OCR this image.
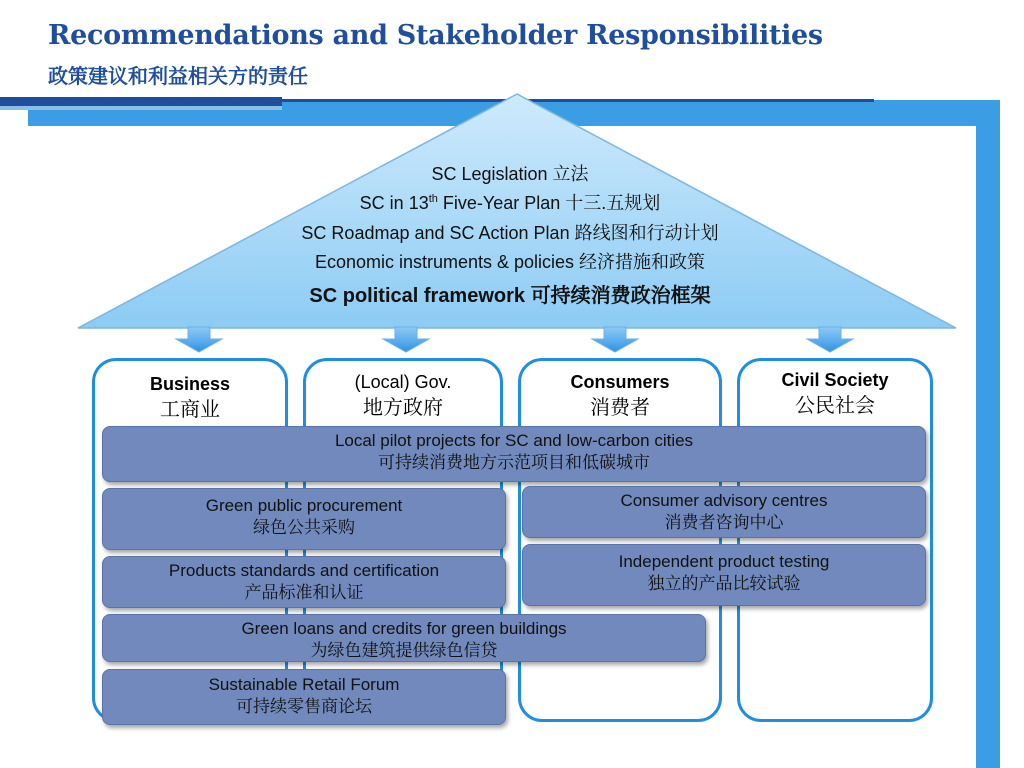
Recommendations and Stakeholder Responsibilities
政策建议和利益相关方的责任
SC Legislation 立法
SC in 13th Five-Year Plan 十三.五规划
SC Roadmap and SC Action Plan 路线图和行动计划
Economic instruments & policies 经济措施和政策
SC political framework 可持续消费政治框架
Business
工商业
(Local) Gov.
地方政府
Consumers
消费者
Civil Society
公民社会
Local pilot projects for SC and low-carbon cities
可持续消费地方示范项目和低碳城市
Green public procurement
绿色公共采购
Consumer advisory centres
消费者咨询中心
Products standards and certification
产品标准和认证
Independent product testing
独立的产品比较试验
Green loans and credits for green buildings
为绿色建筑提供绿色信贷
Sustainable Retail Forum
可持续零售商论坛
